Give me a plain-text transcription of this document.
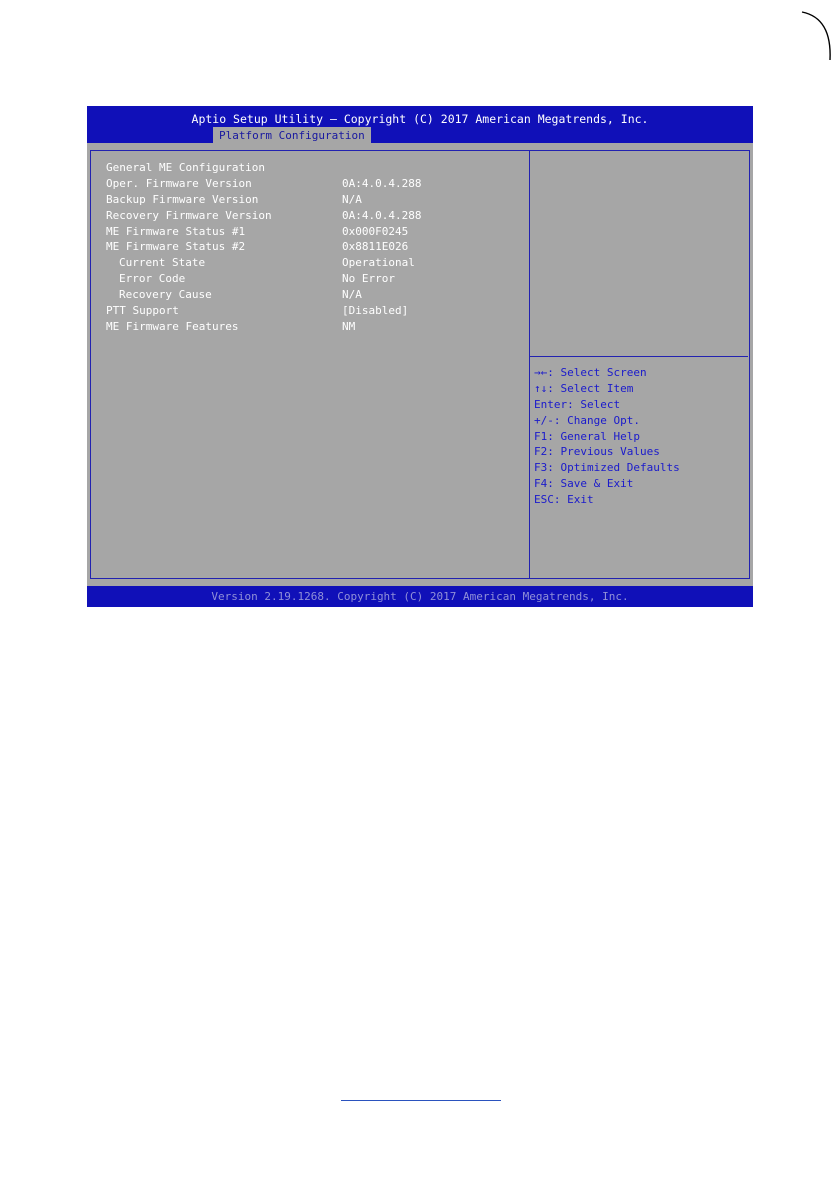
Aptio Setup Utility – Copyright (C) 2017 American Megatrends, Inc.
Platform Configuration
General ME Configuration
Oper. Firmware Version	0A:4.0.4.288
Backup Firmware Version	N/A
Recovery Firmware Version	0A:4.0.4.288
ME Firmware Status #1	0x000F0245
ME Firmware Status #2	0x8811E026
Current State	Operational
Error Code	No Error
Recovery Cause	N/A
PTT Support	[Disabled]
ME Firmware Features	NM
→←: Select Screen
↑↓: Select Item
Enter: Select
+/-: Change Opt.
F1: General Help
F2: Previous Values
F3: Optimized Defaults
F4: Save & Exit
ESC: Exit
Version 2.19.1268. Copyright (C) 2017 American Megatrends, Inc.
